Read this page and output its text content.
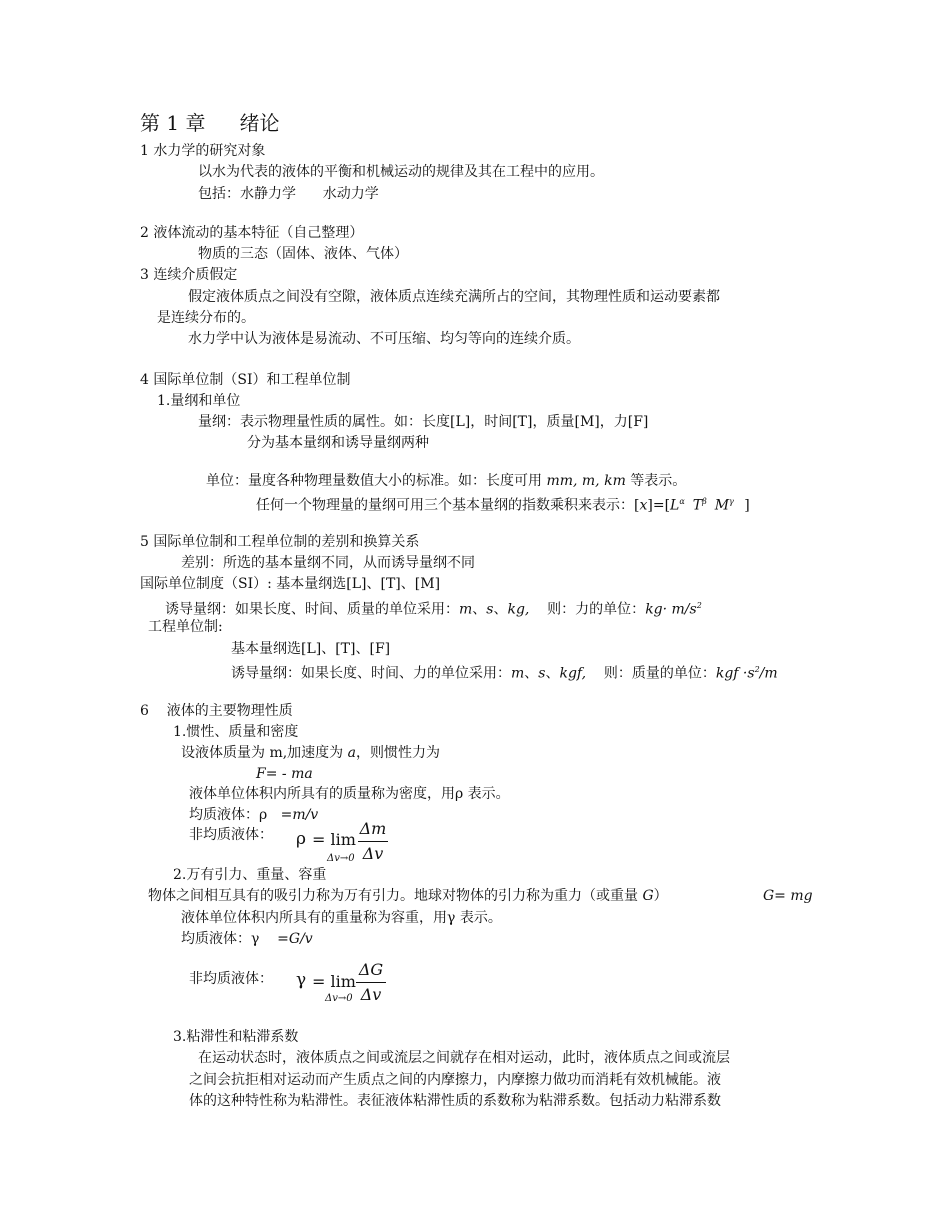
第 1 章 绪论
1 水力学的研究对象
以水为代表的液体的平衡和机械运动的规律及其在工程中的应用。
包括：水静力学      水动力学
2 液体流动的基本特征（自己整理）
物质的三态（固体、液体、气体）
3 连续介质假定
假定液体质点之间没有空隙，液体质点连续充满所占的空间，其物理性质和运动要素都
是连续分布的。
水力学中认为液体是易流动、不可压缩、均匀等向的连续介质。
4 国际单位制（SI）和工程单位制
1.量纲和单位
量纲：表示物理量性质的属性。如：长度[L]，时间[T]，质量[M]，力[F]
分为基本量纲和诱导量纲两种
单位：量度各种物理量数值大小的标准。如：长度可用 mm, m, km 等表示。
任何一个物理量的量纲可用三个基本量纲的指数乘积来表示：$[x]=[L^\alpha$ $T^\beta$ $M^\gamma$ ]
5 国际单位制和工程单位制的差别和换算关系
差别：所选的基本量纲不同，从而诱导量纲不同
国际单位制度（SI）: 基本量纲选[L]、[T]、[M]
诱导量纲：如果长度、时间、质量的单位采用：m、s、kg,    则：力的单位：$kg\cdot m/s^2$
工程单位制:
基本量纲选[L]、[T]、[F]
诱导量纲：如果长度、时间、力的单位采用：m、s、kgf,    则：质量的单位：kgf $\cdot s^2/m$
6    液体的主要物理性质
1.惯性、质量和密度
设液体质量为 m,加速度为 a，则惯性力为
F= - ma
液体单位体积内所具有的质量称为密度，用ρ 表示。
均质液体：ρ   =m/v
非均质液体： ρ = lim
Δv→0
Δm
Δv
2.万有引力、重量、容重
物体之间相互具有的吸引力称为万有引力。地球对物体的引力称为重力（或重量 G）	G= mg
液体单位体积内所具有的重量称为容重，用γ 表示。
均质液体：γ    =G/v
非均质液体： γ = lim
Δv→0
ΔG
Δv
3.粘滞性和粘滞系数
在运动状态时，液体质点之间或流层之间就存在相对运动，此时，液体质点之间或流层
之间会抗拒相对运动而产生质点之间的内摩擦力，内摩擦力做功而消耗有效机械能。液
体的这种特性称为粘滞性。表征液体粘滞性质的系数称为粘滞系数。包括动力粘滞系数
